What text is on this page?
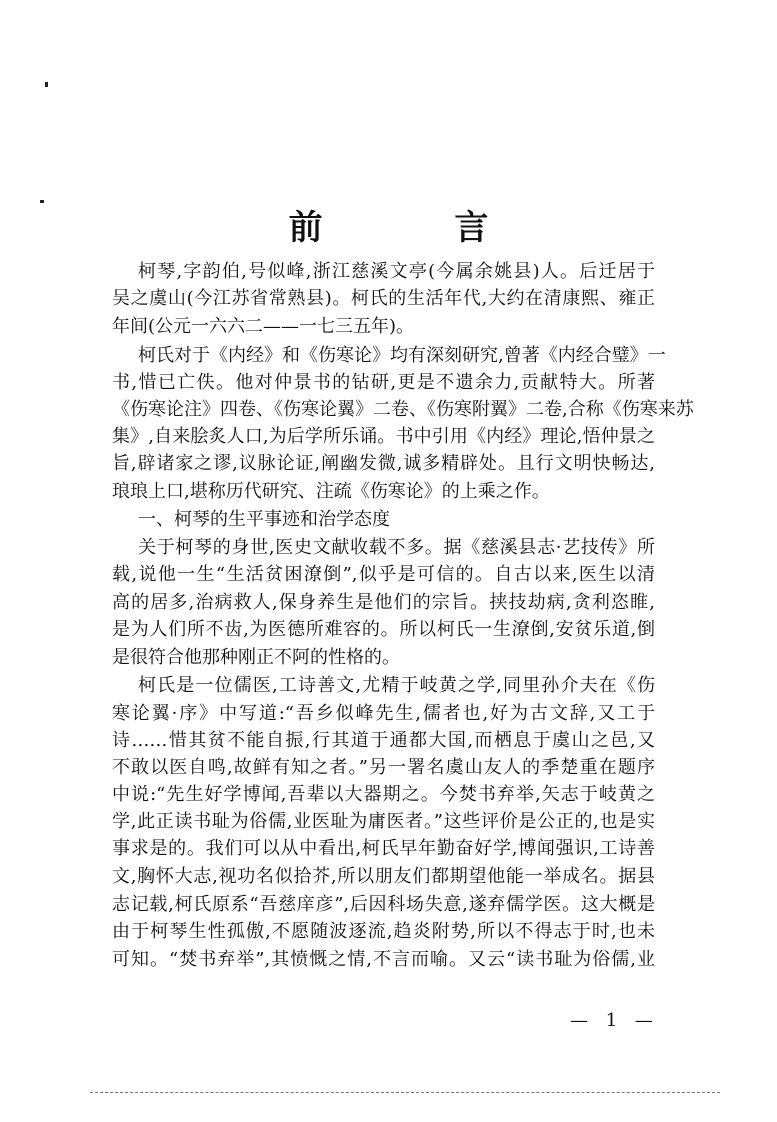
前 言
柯琴,字韵伯,号似峰,浙江慈溪文亭(今属余姚县)人。后迁居于
吴之虞山(今江苏省常熟县)。柯氏的生活年代,大约在清康熙、雍正
年间(公元一六六二——一七三五年)。
柯氏对于《内经》和《伤寒论》均有深刻研究,曾著《内经合璧》一
书,惜已亡佚。他对仲景书的钻研,更是不遗余力,贡献特大。所著
《伤寒论注》四卷、《伤寒论翼》二卷、《伤寒附翼》二卷,合称《伤寒来苏
集》,自来脍炙人口,为后学所乐诵。书中引用《内经》理论,悟仲景之
旨,辟诸家之谬,议脉论证,阐幽发微,诚多精辟处。且行文明快畅达,
琅琅上口,堪称历代研究、注疏《伤寒论》的上乘之作。
一、柯琴的生平事迹和治学态度
关于柯琴的身世,医史文献收载不多。据《慈溪县志·艺技传》所
载,说他一生“生活贫困潦倒”,似乎是可信的。自古以来,医生以清
高的居多,治病救人,保身养生是他们的宗旨。挟技劫病,贪利恣睢,
是为人们所不齿,为医德所难容的。所以柯氏一生潦倒,安贫乐道,倒
是很符合他那种刚正不阿的性格的。
柯氏是一位儒医,工诗善文,尤精于岐黄之学,同里孙介夫在《伤
寒论翼·序》中写道:“吾乡似峰先生,儒者也,好为古文辞,又工于
诗……惜其贫不能自振,行其道于通都大国,而栖息于虞山之邑,又
不敢以医自鸣,故鲜有知之者。”另一署名虞山友人的季楚重在题序
中说:“先生好学博闻,吾辈以大器期之。今焚书弃举,矢志于岐黄之
学,此正读书耻为俗儒,业医耻为庸医者。”这些评价是公正的,也是实
事求是的。我们可以从中看出,柯氏早年勤奋好学,博闻强识,工诗善
文,胸怀大志,视功名似拾芥,所以朋友们都期望他能一举成名。据县
志记载,柯氏原系“吾慈庠彦”,后因科场失意,遂弃儒学医。这大概是
由于柯琴生性孤傲,不愿随波逐流,趋炎附势,所以不得志于时,也未
可知。“焚书弃举”,其愤慨之情,不言而喻。又云“读书耻为俗儒,业
— 1 —
